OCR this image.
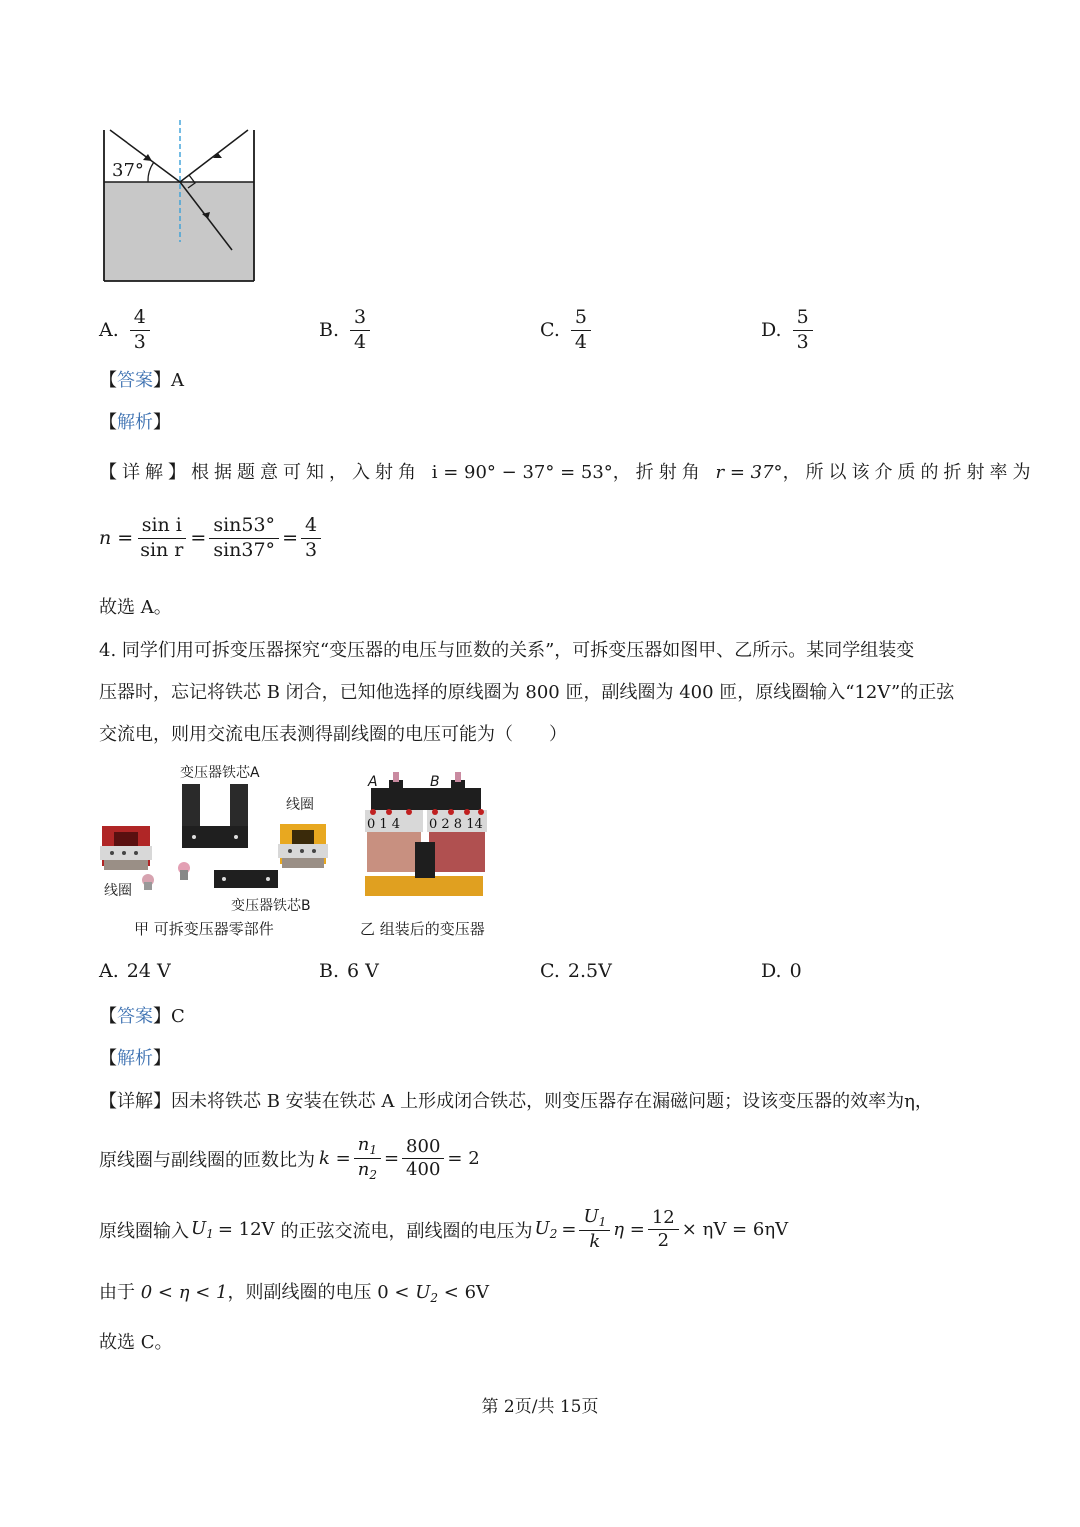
37°
A. $\frac{4}{3}$	B. $\frac{3}{4}$	C. $\frac{5}{4}$	D. $\frac{5}{3}$
【答案】A
【解析】
【详解】根据题意可知，入射角 i = 90° − 37° = 53°，折射角 r = 37°，所以该介质的折射率为
$n = \frac{\text{sin i}}{\text{sin r}} = \frac{\sin 53^\circ}{\sin 37^\circ} = \frac{4}{3}$
故选 A。
4. 同学们用可拆变压器探究“变压器的电压与匝数的关系”，可拆变压器如图甲、乙所示。某同学组装变
压器时，忘记将铁芯 B 闭合，已知他选择的原线圈为 800 匝，副线圈为 400 匝，原线圈输入“12V”的正弦
交流电，则用交流电压表测得副线圈的电压可能为（　　）
变压器铁芯A
线圈
线圈
变压器铁芯B
甲 可拆变压器零部件
0 1 4 0 2 8 14
A	B
乙 组装后的变压器
A. 24 V	B. 6 V	C. 2.5V	D. 0
【答案】C
【解析】
【详解】因未将铁芯 B 安装在铁芯 A 上形成闭合铁芯，则变压器存在漏磁问题；设该变压器的效率为η，
原线圈与副线圈的匝数比为 $k = \frac{n_1}{n_2} = \frac{800}{400} = 2$
原线圈输入 $U_1 = 12V$ 的正弦交流电，副线圈的电压为 $U_2 = \frac{U_1}{k}$ $\eta = \frac{12}{2} \times \eta V = 6\eta V$
由于 0 < η < 1，则副线圈的电压 $0 < U_2 < 6V$
故选 C。
第 2页/共 15页
